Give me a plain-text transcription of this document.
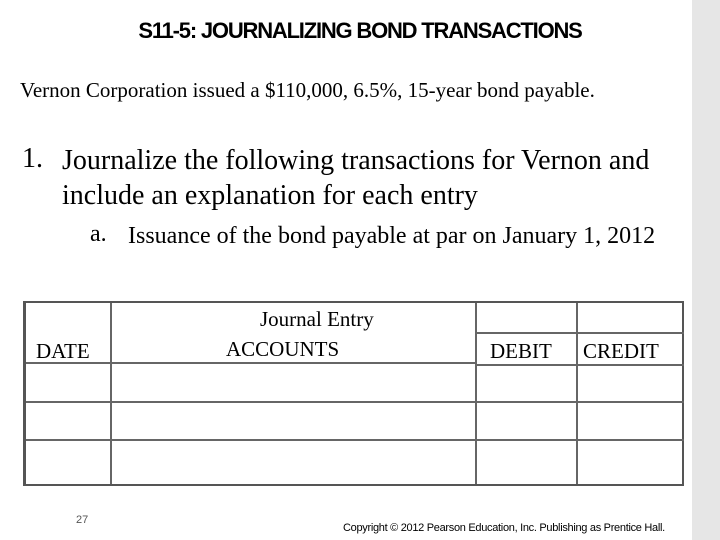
S11-5: JOURNALIZING BOND TRANSACTIONS
Vernon Corporation issued a $110,000, 6.5%, 15-year bond payable.
1. Journalize the following transactions for Vernon and include an explanation for each entry
a. Issuance of the bond payable at par on January 1, 2012
Journal Entry
ACCOUNTS
DATE	DEBIT CREDIT
27
Copyright © 2012 Pearson Education, Inc. Publishing as Prentice Hall.
